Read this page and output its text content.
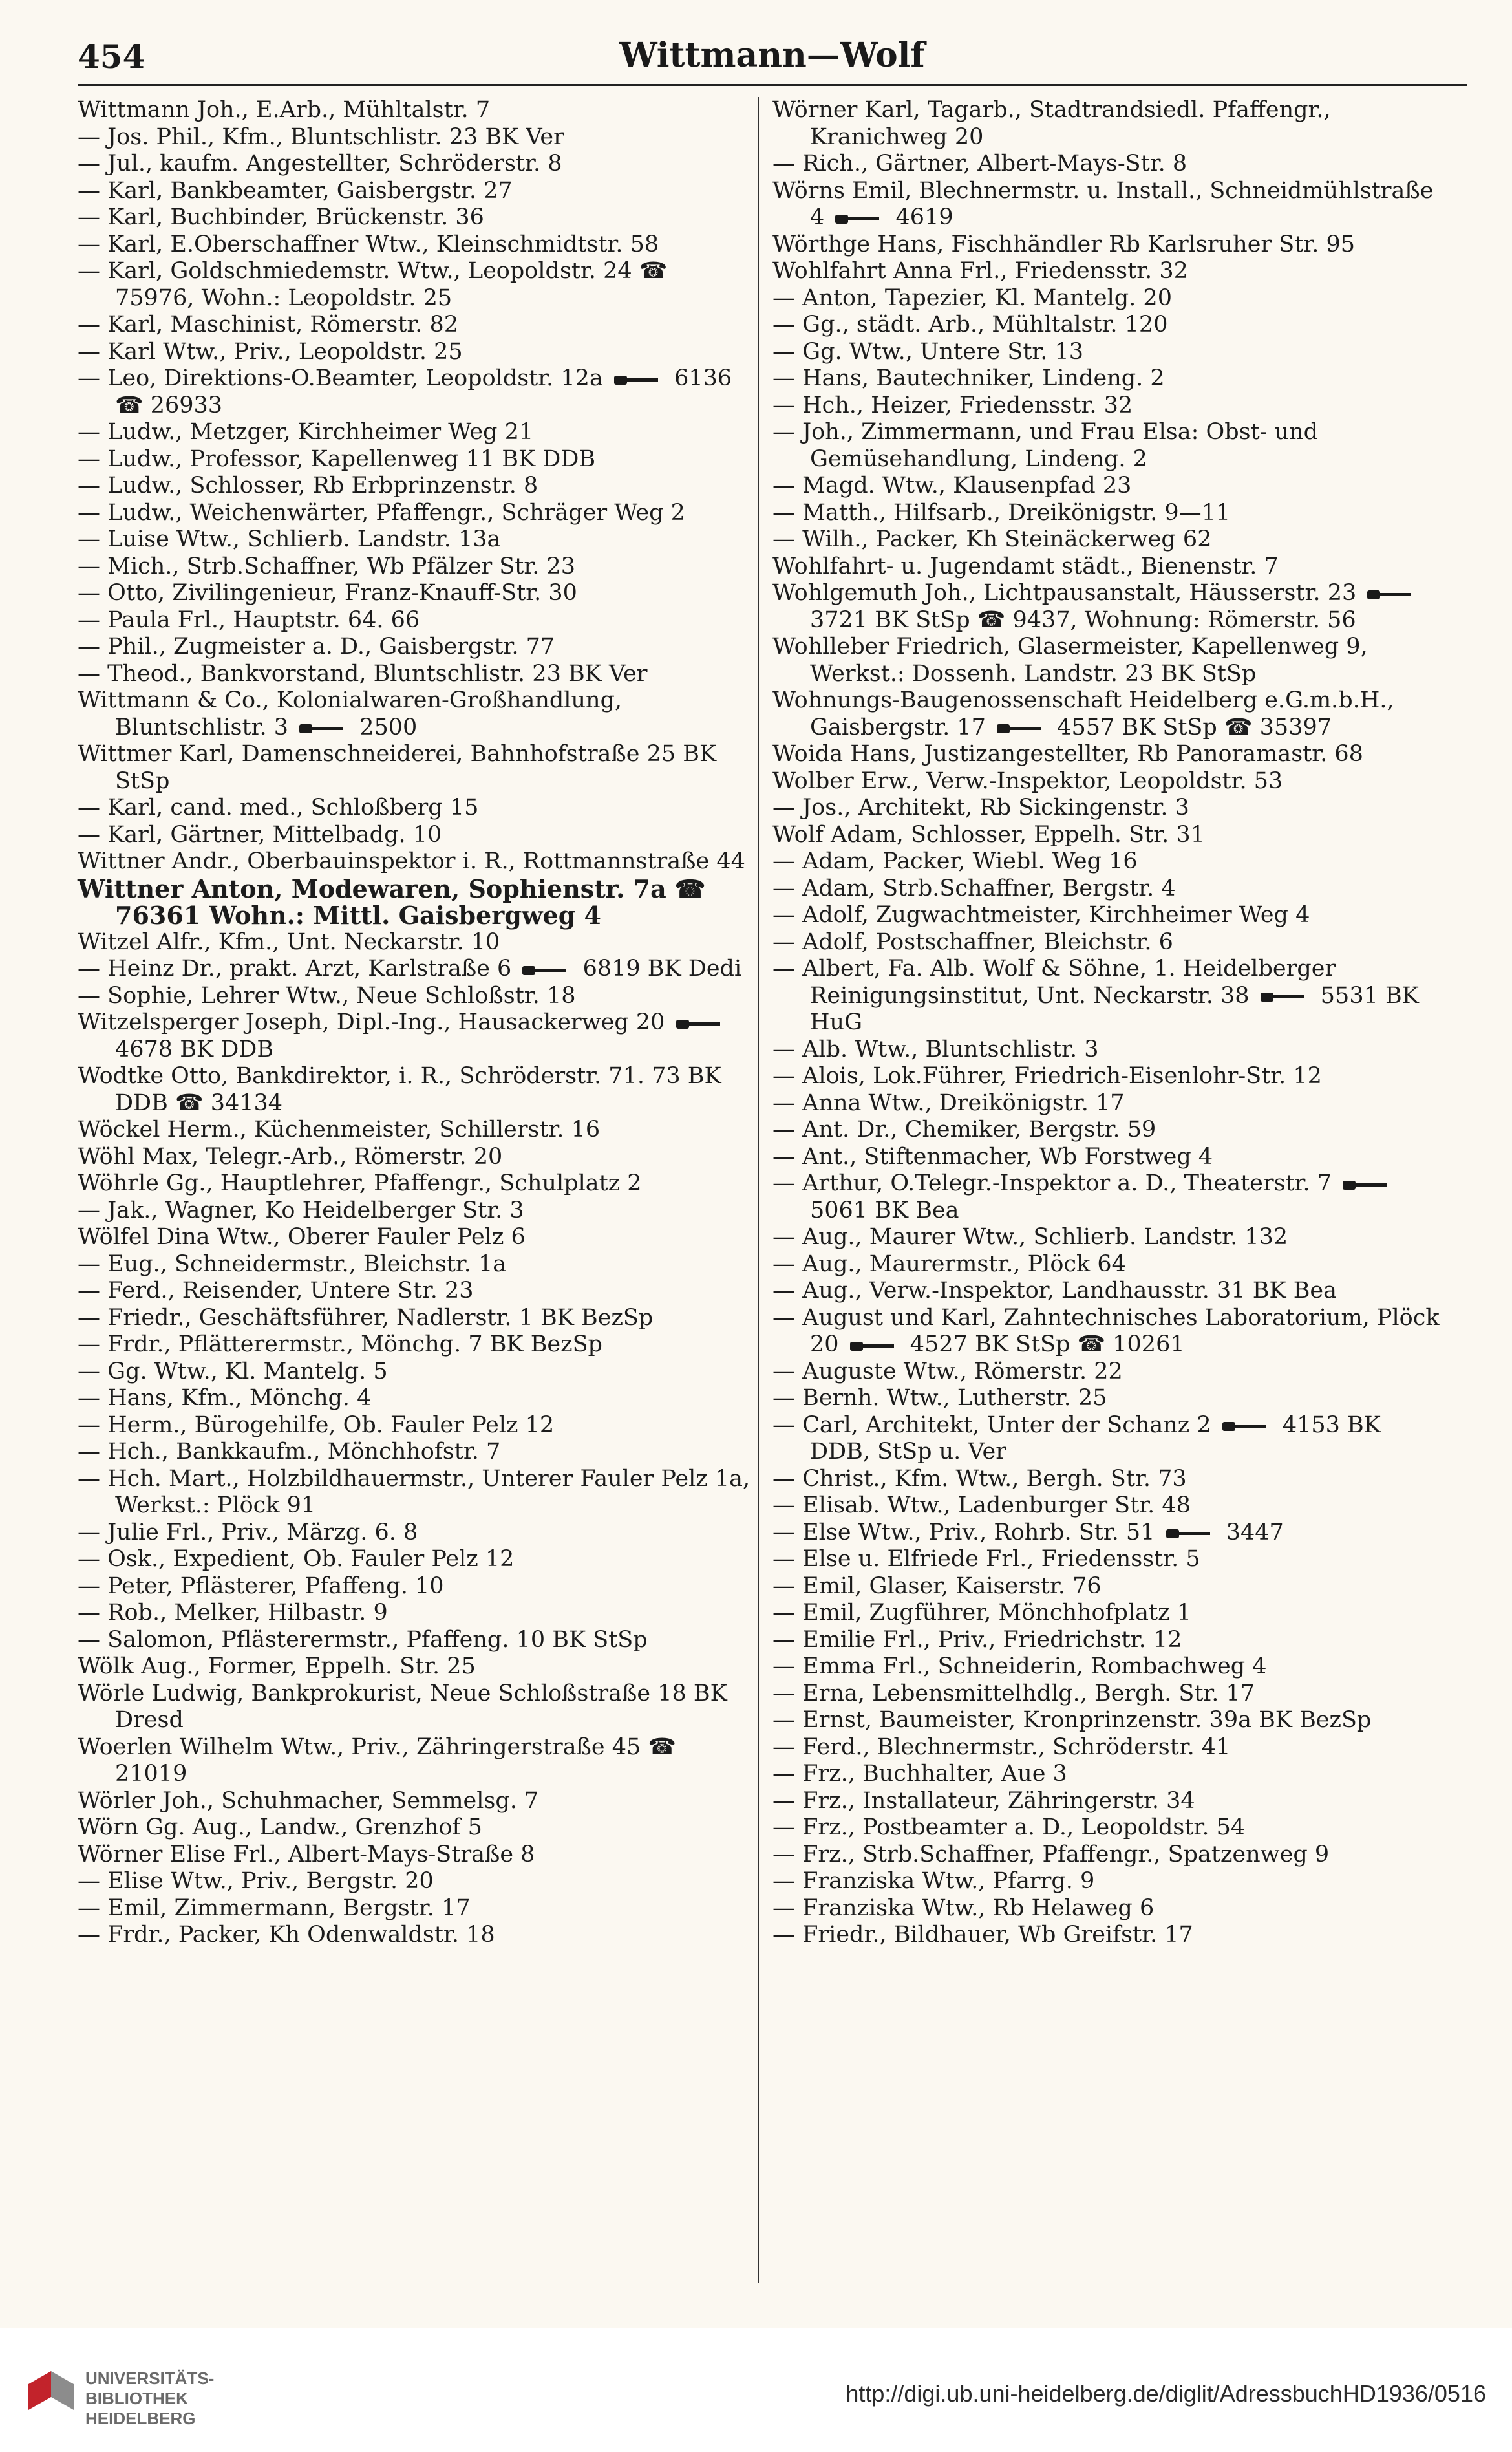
454	Wittmann—Wolf
Wittmann Joh., E.Arb., Mühltalstr. 7
— Jos. Phil., Kfm., Bluntschlistr. 23 BK Ver
— Jul., kaufm. Angestellter, Schröderstr. 8
— Karl, Bankbeamter, Gaisbergstr. 27
— Karl, Buchbinder, Brückenstr. 36
— Karl, E.Oberschaffner Wtw., Kleinschmidtstr. 58
— Karl, Goldschmiedemstr. Wtw., Leopoldstr. 24 ☎ 75976, Wohn.: Leopoldstr. 25
— Karl, Maschinist, Römerstr. 82
— Karl Wtw., Priv., Leopoldstr. 25
— Leo, Direktions-O.Beamter, Leopoldstr. 12a	6136 ☎ 26933
— Ludw., Metzger, Kirchheimer Weg 21
— Ludw., Professor, Kapellenweg 11 BK DDB
— Ludw., Schlosser, Rb Erbprinzenstr. 8
— Ludw., Weichenwärter, Pfaffengr., Schräger Weg 2
— Luise Wtw., Schlierb. Landstr. 13a
— Mich., Strb.Schaffner, Wb Pfälzer Str. 23
— Otto, Zivilingenieur, Franz-Knauff-Str. 30
— Paula Frl., Hauptstr. 64. 66
— Phil., Zugmeister a. D., Gaisbergstr. 77
— Theod., Bankvorstand, Bluntschlistr. 23 BK Ver
Wittmann & Co., Kolonialwaren-Großhandlung, Bluntschlistr. 3	2500
Wittmer Karl, Damenschneiderei, Bahnhofstraße 25 BK StSp
— Karl, cand. med., Schloßberg 15
— Karl, Gärtner, Mittelbadg. 10
Wittner Andr., Oberbauinspektor i. R., Rottmannstraße 44
Wittner Anton, Modewaren, Sophienstr. 7a ☎ 76361 Wohn.: Mittl. Gaisbergweg 4
Witzel Alfr., Kfm., Unt. Neckarstr. 10
— Heinz Dr., prakt. Arzt, Karlstraße 6	6819 BK Dedi
— Sophie, Lehrer Wtw., Neue Schloßstr. 18
Witzelsperger Joseph, Dipl.-Ing., Hausackerweg 20  4678 BK DDB
Wodtke Otto, Bankdirektor, i. R., Schröderstr. 71. 73 BK DDB ☎ 34134
Wöckel Herm., Küchenmeister, Schillerstr. 16
Wöhl Max, Telegr.-Arb., Römerstr. 20
Wöhrle Gg., Hauptlehrer, Pfaffengr., Schulplatz 2
— Jak., Wagner, Ko Heidelberger Str. 3
Wölfel Dina Wtw., Oberer Fauler Pelz 6
— Eug., Schneidermstr., Bleichstr. 1a
— Ferd., Reisender, Untere Str. 23
— Friedr., Geschäftsführer, Nadlerstr. 1 BK BezSp
— Frdr., Pflätterermstr., Mönchg. 7 BK BezSp
— Gg. Wtw., Kl. Mantelg. 5
— Hans, Kfm., Mönchg. 4
— Herm., Bürogehilfe, Ob. Fauler Pelz 12
— Hch., Bankkaufm., Mönchhofstr. 7
— Hch. Mart., Holzbildhauermstr., Unterer Fauler Pelz 1a, Werkst.: Plöck 91
— Julie Frl., Priv., Märzg. 6. 8
— Osk., Expedient, Ob. Fauler Pelz 12
— Peter, Pflästerer, Pfaffeng. 10
— Rob., Melker, Hilbastr. 9
— Salomon, Pflästerermstr., Pfaffeng. 10 BK StSp
Wölk Aug., Former, Eppelh. Str. 25
Wörle Ludwig, Bankprokurist, Neue Schloßstraße 18 BK Dresd
Woerlen Wilhelm Wtw., Priv., Zähringerstraße 45 ☎ 21019
Wörler Joh., Schuhmacher, Semmelsg. 7
Wörn Gg. Aug., Landw., Grenzhof 5
Wörner Elise Frl., Albert-Mays-Straße 8
— Elise Wtw., Priv., Bergstr. 20
— Emil, Zimmermann, Bergstr. 17
— Frdr., Packer, Kh Odenwaldstr. 18
Wörner Karl, Tagarb., Stadtrandsiedl. Pfaffengr., Kranichweg 20
— Rich., Gärtner, Albert-Mays-Str. 8
Wörns Emil, Blechnermstr. u. Install., Schneidmühlstraße 4	4619
Wörthge Hans, Fischhändler Rb Karlsruher Str. 95
Wohlfahrt Anna Frl., Friedensstr. 32
— Anton, Tapezier, Kl. Mantelg. 20
— Gg., städt. Arb., Mühltalstr. 120
— Gg. Wtw., Untere Str. 13
— Hans, Bautechniker, Lindeng. 2
— Hch., Heizer, Friedensstr. 32
— Joh., Zimmermann, und Frau Elsa: Obst- und Gemüsehandlung, Lindeng. 2
— Magd. Wtw., Klausenpfad 23
— Matth., Hilfsarb., Dreikönigstr. 9—11
— Wilh., Packer, Kh Steinäckerweg 62
Wohlfahrt- u. Jugendamt städt., Bienenstr. 7
Wohlgemuth Joh., Lichtpausanstalt, Häusserstr. 23  3721 BK StSp ☎ 9437, Wohnung: Römerstr. 56
Wohlleber Friedrich, Glasermeister, Kapellenweg 9, Werkst.: Dossenh. Landstr. 23 BK StSp
Wohnungs-Baugenossenschaft Heidelberg e.G.m.b.H., Gaisbergstr. 17	4557 BK StSp ☎ 35397
Woida Hans, Justizangestellter, Rb Panoramastr. 68
Wolber Erw., Verw.-Inspektor, Leopoldstr. 53
— Jos., Architekt, Rb Sickingenstr. 3
Wolf Adam, Schlosser, Eppelh. Str. 31
— Adam, Packer, Wiebl. Weg 16
— Adam, Strb.Schaffner, Bergstr. 4
— Adolf, Zugwachtmeister, Kirchheimer Weg 4
— Adolf, Postschaffner, Bleichstr. 6
— Albert, Fa. Alb. Wolf & Söhne, 1. Heidelberger Reinigungsinstitut, Unt. Neckarstr. 38	5531 BK HuG
— Alb. Wtw., Bluntschlistr. 3
— Alois, Lok.Führer, Friedrich-Eisenlohr-Str. 12
— Anna Wtw., Dreikönigstr. 17
— Ant. Dr., Chemiker, Bergstr. 59
— Ant., Stiftenmacher, Wb Forstweg 4
— Arthur, O.Telegr.-Inspektor a. D., Theaterstr. 7  5061 BK Bea
— Aug., Maurer Wtw., Schlierb. Landstr. 132
— Aug., Maurermstr., Plöck 64
— Aug., Verw.-Inspektor, Landhausstr. 31 BK Bea
— August und Karl, Zahntechnisches Laboratorium, Plöck 20	4527 BK StSp ☎ 10261
— Auguste Wtw., Römerstr. 22
— Bernh. Wtw., Lutherstr. 25
— Carl, Architekt, Unter der Schanz 2	4153 BK DDB, StSp u. Ver
— Christ., Kfm. Wtw., Bergh. Str. 73
— Elisab. Wtw., Ladenburger Str. 48
— Else Wtw., Priv., Rohrb. Str. 51	3447
— Else u. Elfriede Frl., Friedensstr. 5
— Emil, Glaser, Kaiserstr. 76
— Emil, Zugführer, Mönchhofplatz 1
— Emilie Frl., Priv., Friedrichstr. 12
— Emma Frl., Schneiderin, Rombachweg 4
— Erna, Lebensmittelhdlg., Bergh. Str. 17
— Ernst, Baumeister, Kronprinzenstr. 39a BK BezSp
— Ferd., Blechnermstr., Schröderstr. 41
— Frz., Buchhalter, Aue 3
— Frz., Installateur, Zähringerstr. 34
— Frz., Postbeamter a. D., Leopoldstr. 54
— Frz., Strb.Schaffner, Pfaffengr., Spatzenweg 9
— Franziska Wtw., Pfarrg. 9
— Franziska Wtw., Rb Helaweg 6
— Friedr., Bildhauer, Wb Greifstr. 17
UNIVERSITÄTS-
BIBLIOTHEK
HEIDELBERG
http://digi.ub.uni-heidelberg.de/diglit/AdressbuchHD1936/0516
